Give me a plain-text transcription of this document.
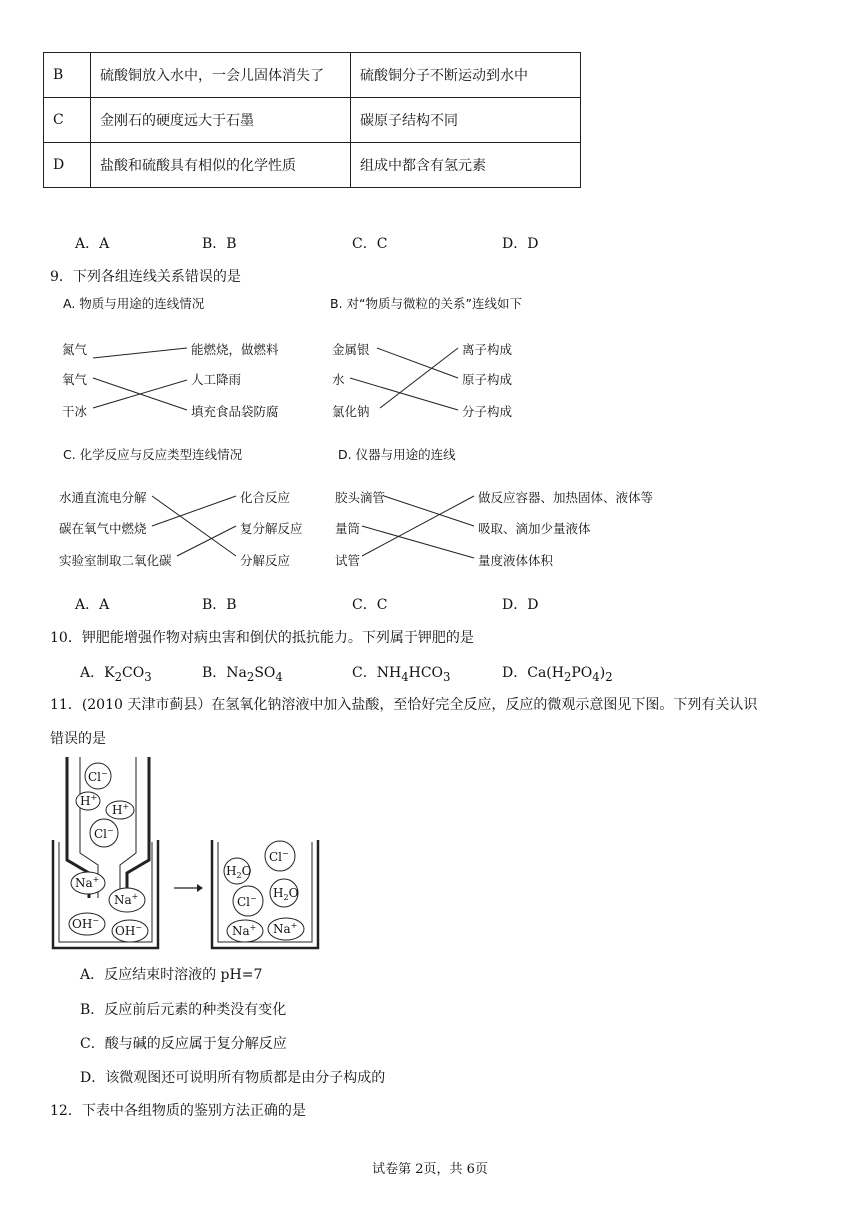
B	硫酸铜放入水中，一会儿固体消失了	硫酸铜分子不断运动到水中
C	金刚石的硬度远大于石墨	碳原子结构不同
D	盐酸和硫酸具有相似的化学性质	组成中都含有氢元素
A．A	B．B	C．C	D．D
9．下列各组连线关系错误的是
A. 物质与用途的连线情况
氮气
氧气
干冰
能燃烧，做燃料
人工降雨
填充食品袋防腐
B. 对“物质与微粒的关系”连线如下
金属银
水
氯化钠
离子构成
原子构成
分子构成
C. 化学反应与反应类型连线情况
水通直流电分解
碳在氧气中燃烧
实验室制取二氧化碳
化合反应
复分解反应
分解反应
D. 仪器与用途的连线
胶头滴管
量筒
试管
做反应容器、加热固体、液体等
吸取、滴加少量液体
量度液体体积
A．A	B．B	C．C	D．D
10．钾肥能增强作物对病虫害和倒伏的抵抗能力。下列属于钾肥的是
A．$K_2CO_3$	B．$Na_2SO_4$	C．$NH_4HCO_3$	D．$Ca(H_2PO_4)_2$
11．(2010 天津市蓟县）在氢氧化钠溶液中加入盐酸，至恰好完全反应，反应的微观示意图见下图。下列有关认识
错误的是
Cl−
H+
H+
Cl−
Na+
Na+
OH−
OH−
$H_2O$
Cl−
$H_2O$
Cl−
Na+ Na+
A．反应结束时溶液的 pH=7
B．反应前后元素的种类没有变化
C．酸与碱的反应属于复分解反应
D．该微观图还可说明所有物质都是由分子构成的
12．下表中各组物质的鉴别方法正确的是
试卷第 2页，共 6页
